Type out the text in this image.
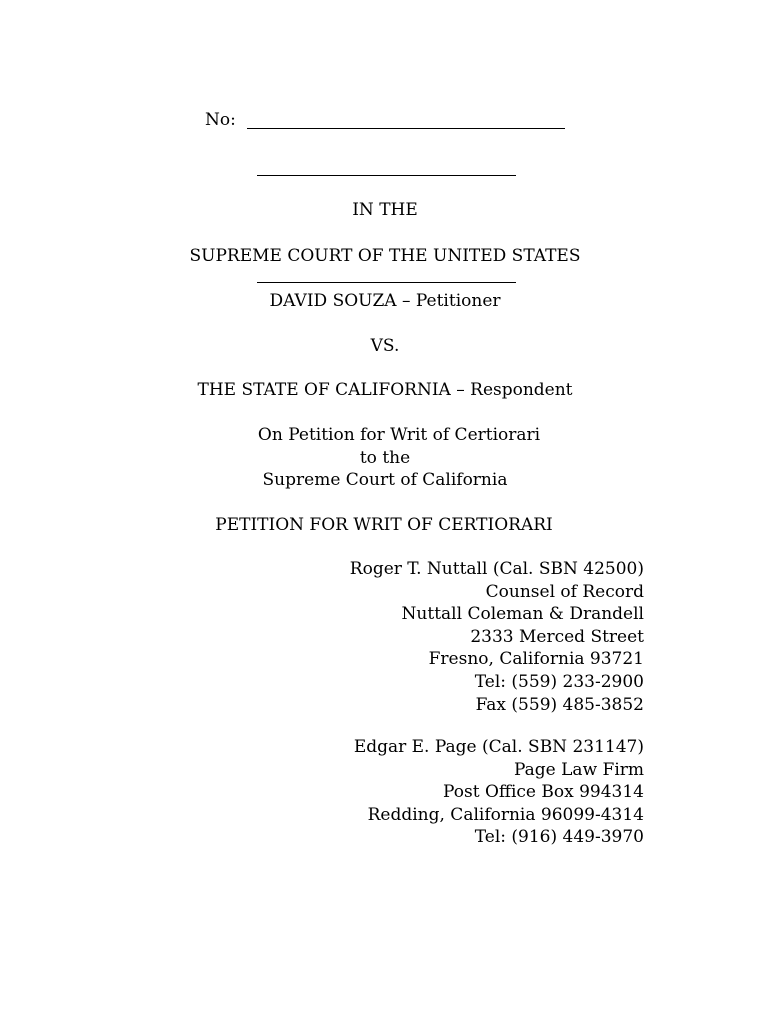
No:
IN THE
SUPREME COURT OF THE UNITED STATES
DAVID SOUZA – Petitioner
VS.
THE STATE OF CALIFORNIA – Respondent
On Petition for Writ of Certiorari
to the
Supreme Court of California
PETITION FOR WRIT OF CERTIORARI
Roger T. Nuttall (Cal. SBN 42500)
Counsel of Record
Nuttall Coleman & Drandell
2333 Merced Street
Fresno, California 93721
Tel: (559) 233-2900
Fax (559) 485-3852
Edgar E. Page (Cal. SBN 231147)
Page Law Firm
Post Office Box 994314
Redding, California 96099-4314
Tel: (916) 449-3970
